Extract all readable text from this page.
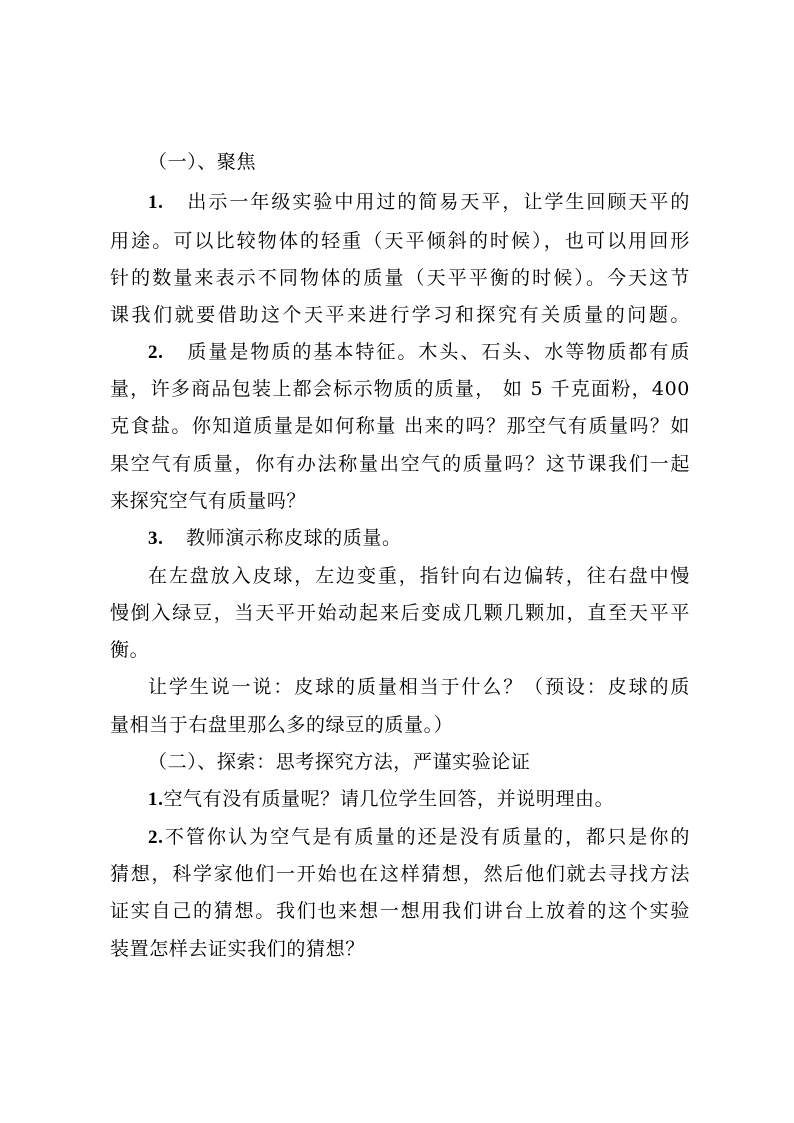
（一）、聚焦
1. 出示一年级实验中用过的简易天平，让学生回顾天平的
用途。可以比较物体的轻重（天平倾斜的时候），也可以用回形
针的数量来表示不同物体的质量（天平平衡的时候）。今天这节
课我们就要借助这个天平来进行学习和探究有关质量的问题。
2. 质量是物质的基本特征。木头、石头、水等物质都有质
量，许多商品包装上都会标示物质的质量， 如 5 千克面粉，400
克食盐。你知道质量是如何称量 出来的吗？那空气有质量吗？如
果空气有质量，你有办法称量出空气的质量吗？这节课我们一起
来探究空气有质量吗？
3. 教师演示称皮球的质量。
在左盘放入皮球，左边变重，指针向右边偏转，往右盘中慢
慢倒入绿豆，当天平开始动起来后变成几颗几颗加，直至天平平
衡。
让学生说一说：皮球的质量相当于什么？（预设：皮球的质
量相当于右盘里那么多的绿豆的质量。）
（二）、探索：思考探究方法，严谨实验论证
1.空气有没有质量呢？请几位学生回答，并说明理由。
2.不管你认为空气是有质量的还是没有质量的，都只是你的
猜想，科学家他们一开始也在这样猜想，然后他们就去寻找方法
证实自己的猜想。我们也来想一想用我们讲台上放着的这个实验
装置怎样去证实我们的猜想？
